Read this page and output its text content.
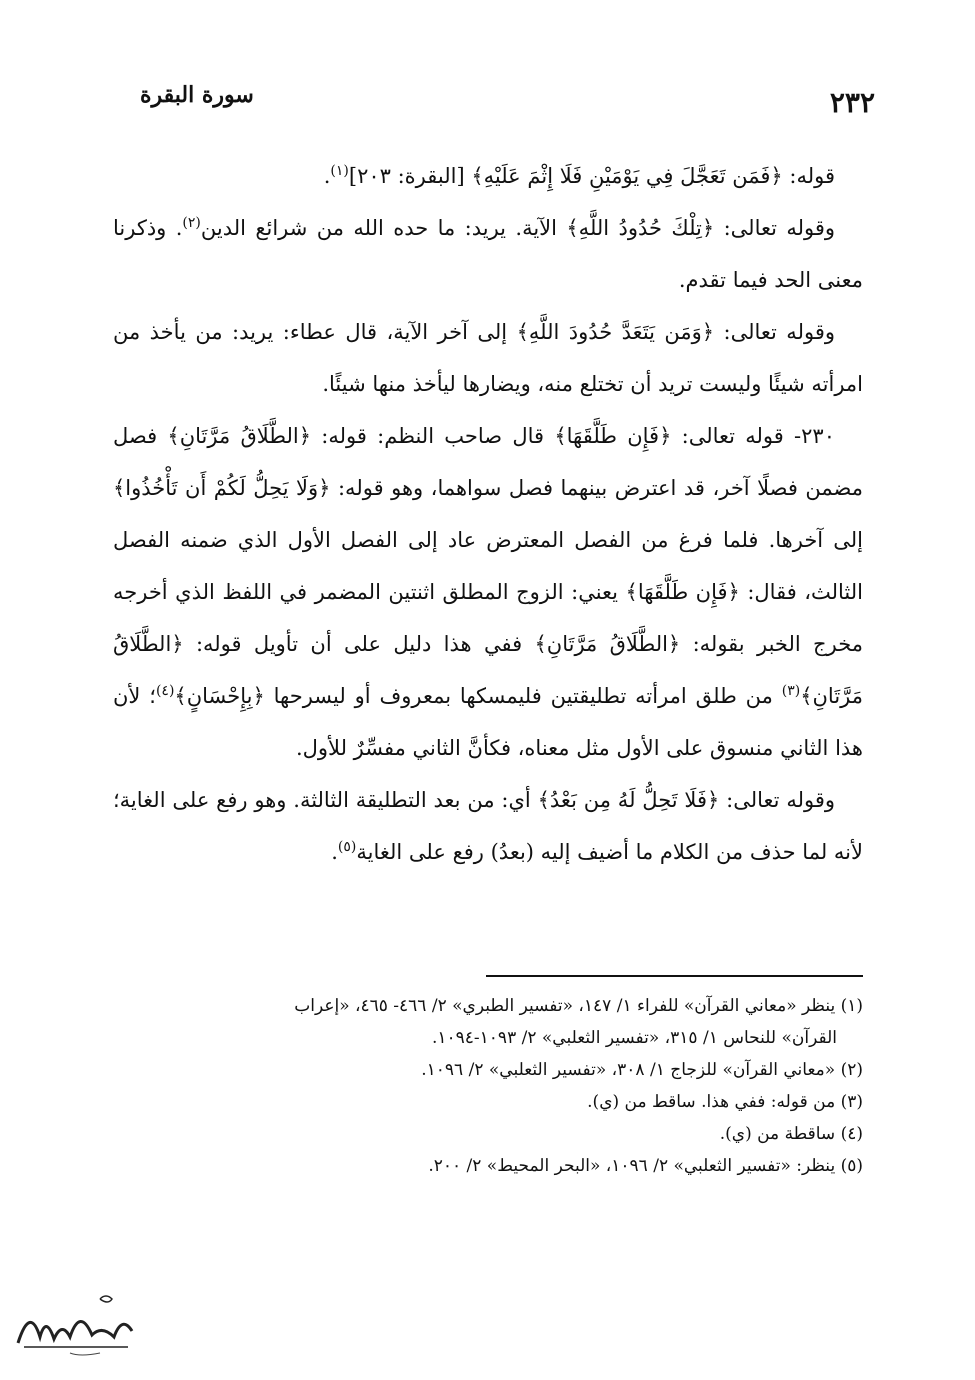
٢٣٢
سورة البقرة

قوله: ﴿فَمَن تَعَجَّلَ فِي يَوْمَيْنِ فَلَا إِثْمَ عَلَيْهِ﴾ [البقرة: ٢٠٣]$^{(١)}$.

وقوله تعالى: ﴿تِلْكَ حُدُودُ اللَّهِ﴾ الآية. يريد: ما حده الله من شرائع الدين$^{(٢)}$. وذكرنا معنى الحد فيما تقدم.

وقوله تعالى: ﴿وَمَن يَتَعَدَّ حُدُودَ اللَّهِ﴾ إلى آخر الآية، قال عطاء: يريد: من يأخذ من امرأته شيئًا وليست تريد أن تختلع منه، ويضارها ليأخذ منها شيئًا.

٢٣٠- قوله تعالى: ﴿فَإِن طَلَّقَهَا﴾ قال صاحب النظم: قوله: ﴿الطَّلَاقُ مَرَّتَانِ﴾ فصل مضمن فصلًا آخر، قد اعترض بينهما فصل سواهما، وهو قوله: ﴿وَلَا يَحِلُّ لَكُمْ أَن تَأْخُذُوا﴾ إلى آخرها. فلما فرغ من الفصل المعترض عاد إلى الفصل الأول الذي ضمنه الفصل الثالث، فقال: ﴿فَإِن طَلَّقَهَا﴾ يعني: الزوج المطلق اثنتين المضمر في اللفظ الذي أخرجه مخرج الخبر بقوله: ﴿الطَّلَاقُ مَرَّتَانِ﴾ ففي هذا دليل على أن تأويل قوله: ﴿الطَّلَاقُ مَرَّتَانِ﴾$^{(٣)}$ من طلق امرأته تطليقتين فليمسكها بمعروف أو ليسرحها ﴿بِإِحْسَانٍ﴾$^{(٤)}$؛ لأن هذا الثاني منسوق على الأول مثل معناه، فكأنَّ الثاني مفسِّرٌ للأول.

وقوله تعالى: ﴿فَلَا تَحِلُّ لَهُ مِن بَعْدُ﴾ أي: من بعد التطليقة الثالثة. وهو رفع على الغاية؛ لأنه لما حذف من الكلام ما أضيف إليه (بعدُ) رفع على الغاية$^{(٥)}$.

(١) ينظر «معاني القرآن» للفراء ١/ ١٤٧، «تفسير الطبري» ٢/ ٤٦٦- ٤٦٥، «إعراب

القرآن» للنحاس ١/ ٣١٥، «تفسير الثعلبي» ٢/ ١٠٩٣-١٠٩٤.

(٢) «معاني القرآن» للزجاج ١/ ٣٠٨، «تفسير الثعلبي» ٢/ ١٠٩٦.

(٣) من قوله: ففي هذا. ساقط من (ي).

(٤) ساقطة من (ي).

(٥) ينظر: «تفسير الثعلبي» ٢/ ١٠٩٦، «البحر المحيط» ٢/ ٢٠٠.
